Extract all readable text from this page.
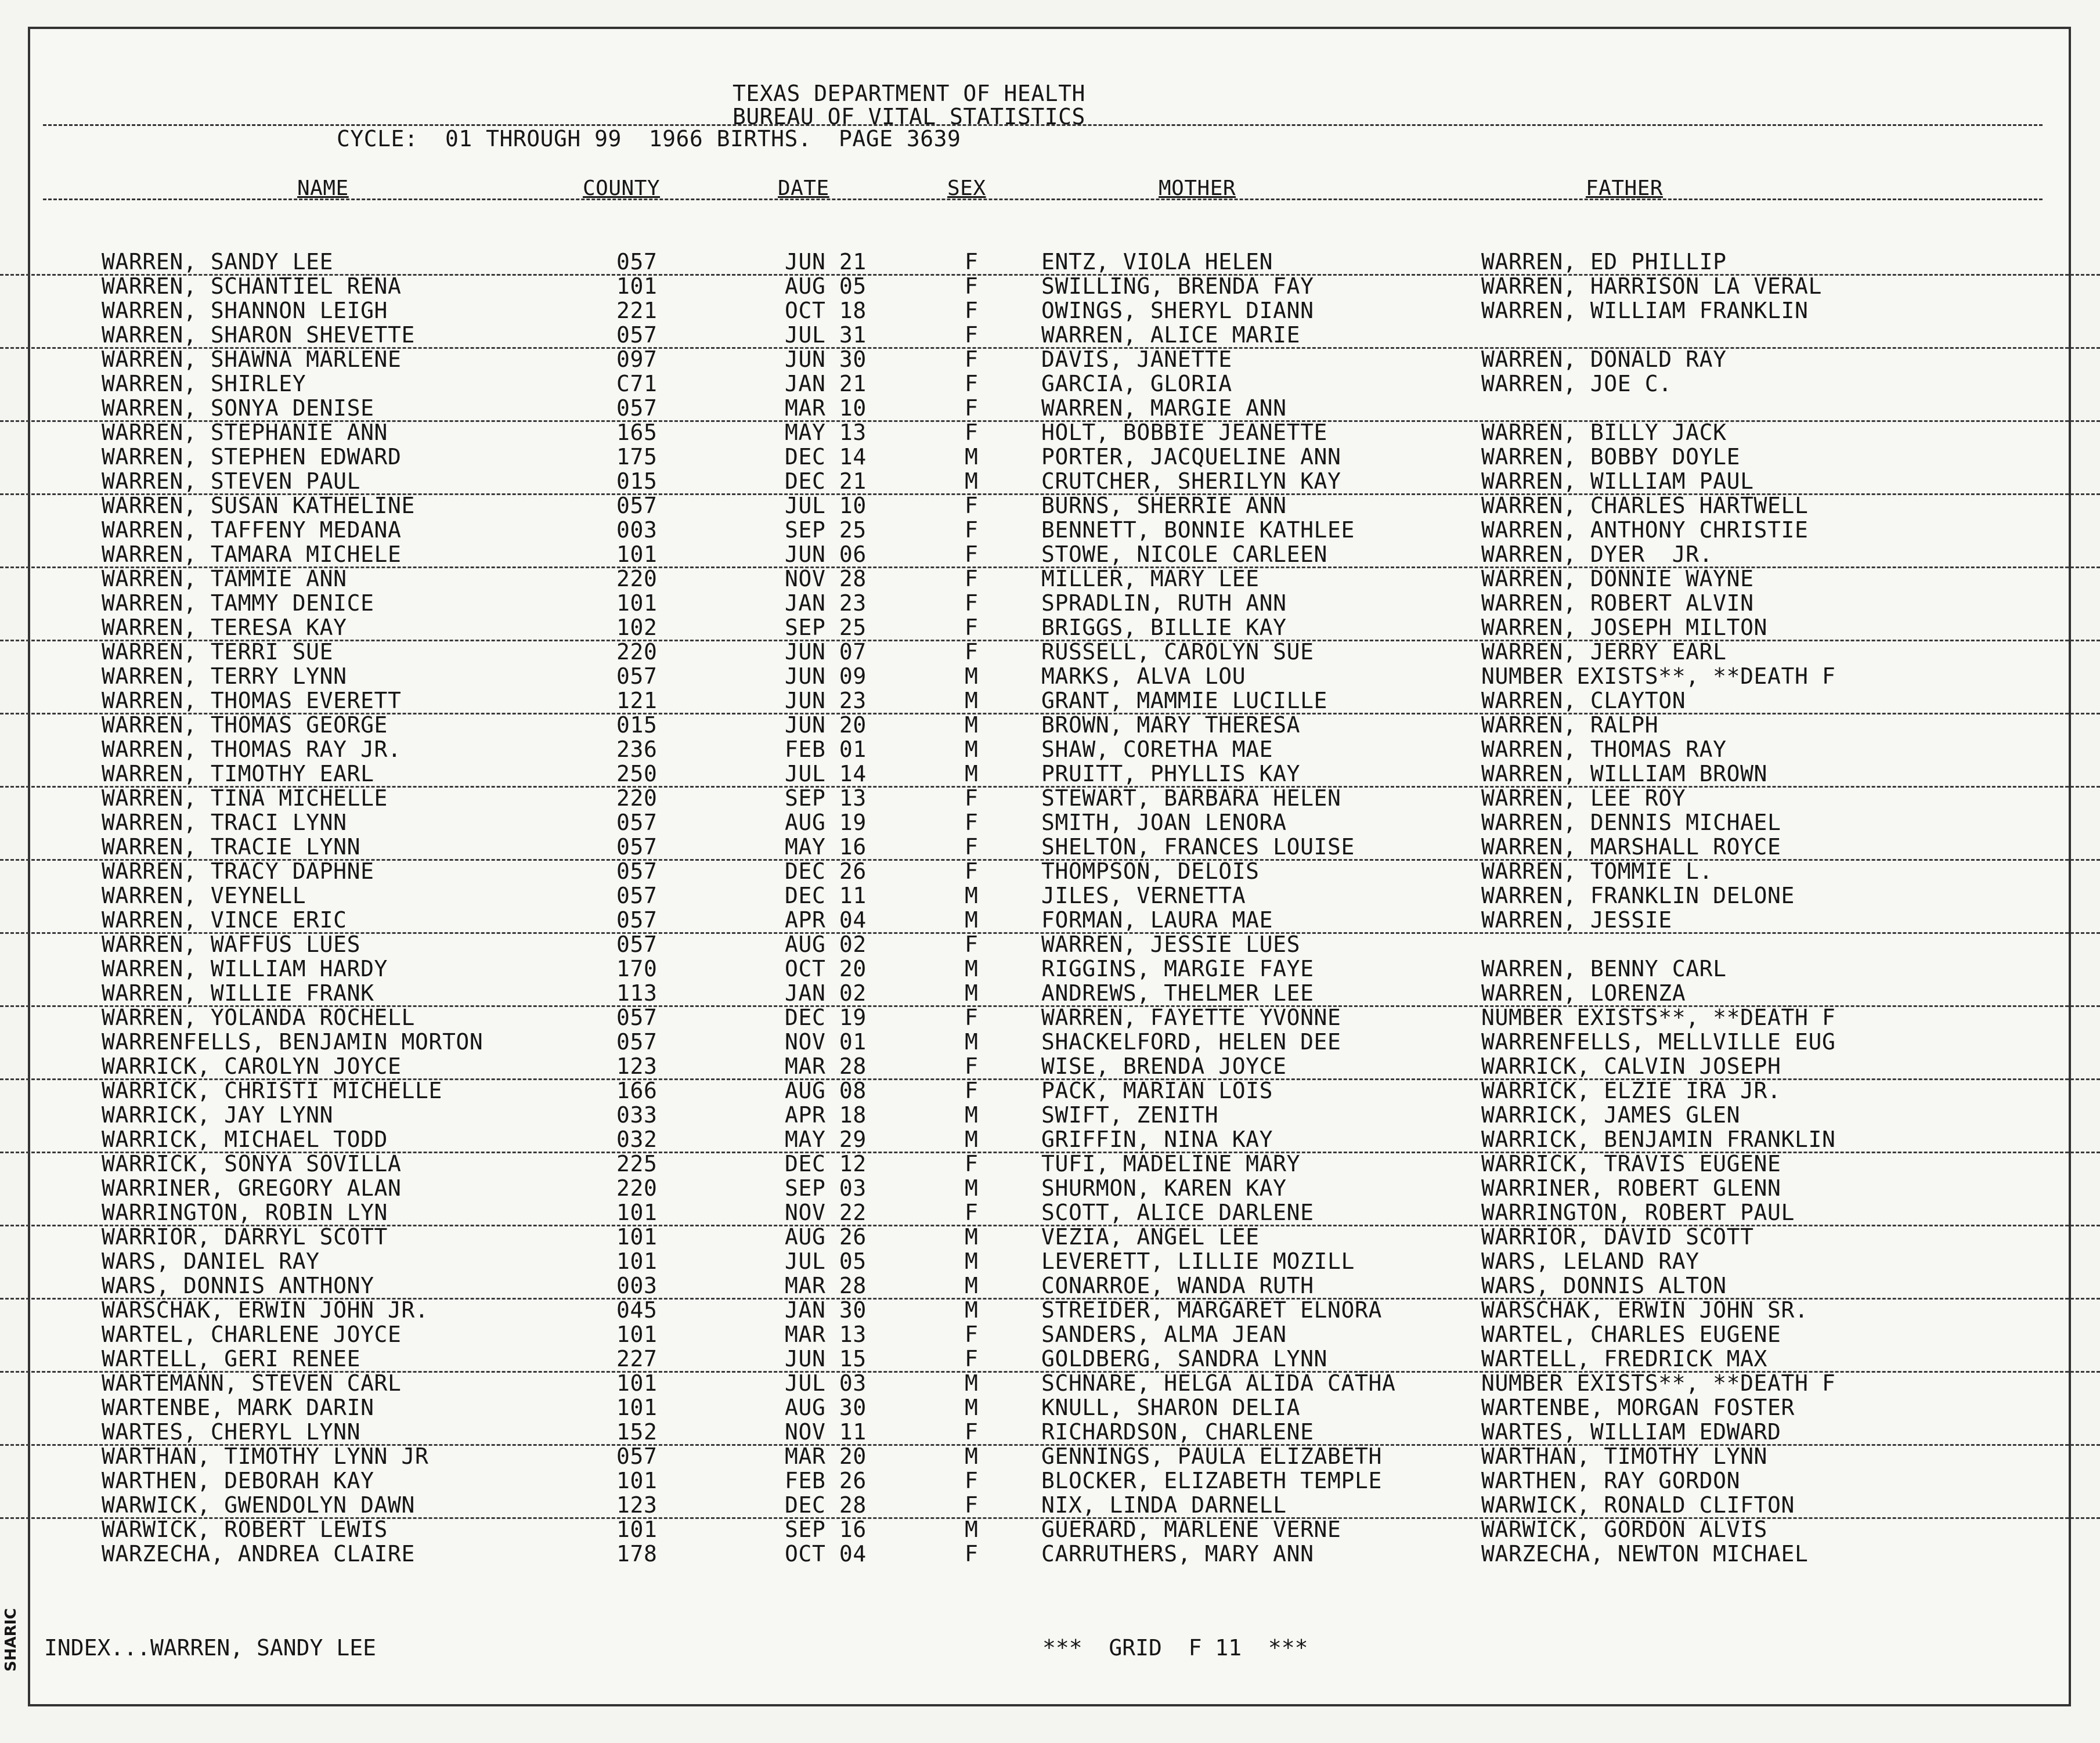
TEXAS DEPARTMENT OF HEALTH
BUREAU OF VITAL STATISTICS
CYCLE:  01 THROUGH 99  1966 BIRTHS.  PAGE 3639
NAME	COUNTY	DATE	SEX	MOTHER	FATHER
WARREN, SANDY LEE	057	JUN 21	F	ENTZ, VIOLA HELEN	WARREN, ED PHILLIP
WARREN, SCHANTIEL RENA	101	AUG 05	F	SWILLING, BRENDA FAY	WARREN, HARRISON LA VERAL
WARREN, SHANNON LEIGH	221	OCT 18	F	OWINGS, SHERYL DIANN	WARREN, WILLIAM FRANKLIN
WARREN, SHARON SHEVETTE	057	JUL 31	F	WARREN, ALICE MARIE
WARREN, SHAWNA MARLENE	097	JUN 30	F	DAVIS, JANETTE	WARREN, DONALD RAY
WARREN, SHIRLEY	C71	JAN 21	F	GARCIA, GLORIA	WARREN, JOE C.
WARREN, SONYA DENISE	057	MAR 10	F	WARREN, MARGIE ANN
WARREN, STEPHANIE ANN	165	MAY 13	F	HOLT, BOBBIE JEANETTE	WARREN, BILLY JACK
WARREN, STEPHEN EDWARD	175	DEC 14	M	PORTER, JACQUELINE ANN	WARREN, BOBBY DOYLE
WARREN, STEVEN PAUL	015	DEC 21	M	CRUTCHER, SHERILYN KAY	WARREN, WILLIAM PAUL
WARREN, SUSAN KATHELINE	057	JUL 10	F	BURNS, SHERRIE ANN	WARREN, CHARLES HARTWELL
WARREN, TAFFENY MEDANA	003	SEP 25	F	BENNETT, BONNIE KATHLEE	WARREN, ANTHONY CHRISTIE
WARREN, TAMARA MICHELE	101	JUN 06	F	STOWE, NICOLE CARLEEN	WARREN, DYER  JR.
WARREN, TAMMIE ANN	220	NOV 28	F	MILLER, MARY LEE	WARREN, DONNIE WAYNE
WARREN, TAMMY DENICE	101	JAN 23	F	SPRADLIN, RUTH ANN	WARREN, ROBERT ALVIN
WARREN, TERESA KAY	102	SEP 25	F	BRIGGS, BILLIE KAY	WARREN, JOSEPH MILTON
WARREN, TERRI SUE	220	JUN 07	F	RUSSELL, CAROLYN SUE	WARREN, JERRY EARL
WARREN, TERRY LYNN	057	JUN 09	M	MARKS, ALVA LOU	NUMBER EXISTS**, **DEATH F
WARREN, THOMAS EVERETT	121	JUN 23	M	GRANT, MAMMIE LUCILLE	WARREN, CLAYTON
WARREN, THOMAS GEORGE	015	JUN 20	M	BROWN, MARY THERESA	WARREN, RALPH
WARREN, THOMAS RAY JR.	236	FEB 01	M	SHAW, CORETHA MAE	WARREN, THOMAS RAY
WARREN, TIMOTHY EARL	250	JUL 14	M	PRUITT, PHYLLIS KAY	WARREN, WILLIAM BROWN
WARREN, TINA MICHELLE	220	SEP 13	F	STEWART, BARBARA HELEN	WARREN, LEE ROY
WARREN, TRACI LYNN	057	AUG 19	F	SMITH, JOAN LENORA	WARREN, DENNIS MICHAEL
WARREN, TRACIE LYNN	057	MAY 16	F	SHELTON, FRANCES LOUISE	WARREN, MARSHALL ROYCE
WARREN, TRACY DAPHNE	057	DEC 26	F	THOMPSON, DELOIS	WARREN, TOMMIE L.
WARREN, VEYNELL	057	DEC 11	M	JILES, VERNETTA	WARREN, FRANKLIN DELONE
WARREN, VINCE ERIC	057	APR 04	M	FORMAN, LAURA MAE	WARREN, JESSIE
WARREN, WAFFUS LUES	057	AUG 02	F	WARREN, JESSIE LUES
WARREN, WILLIAM HARDY	170	OCT 20	M	RIGGINS, MARGIE FAYE	WARREN, BENNY CARL
WARREN, WILLIE FRANK	113	JAN 02	M	ANDREWS, THELMER LEE	WARREN, LORENZA
WARREN, YOLANDA ROCHELL	057	DEC 19	F	WARREN, FAYETTE YVONNE	NUMBER EXISTS**, **DEATH F
WARRENFELLS, BENJAMIN MORTON	057	NOV 01	M	SHACKELFORD, HELEN DEE	WARRENFELLS, MELLVILLE EUG
WARRICK, CAROLYN JOYCE	123	MAR 28	F	WISE, BRENDA JOYCE	WARRICK, CALVIN JOSEPH
WARRICK, CHRISTI MICHELLE	166	AUG 08	F	PACK, MARIAN LOIS	WARRICK, ELZIE IRA JR.
WARRICK, JAY LYNN	033	APR 18	M	SWIFT, ZENITH	WARRICK, JAMES GLEN
WARRICK, MICHAEL TODD	032	MAY 29	M	GRIFFIN, NINA KAY	WARRICK, BENJAMIN FRANKLIN
WARRICK, SONYA SOVILLA	225	DEC 12	F	TUFI, MADELINE MARY	WARRICK, TRAVIS EUGENE
WARRINER, GREGORY ALAN	220	SEP 03	M	SHURMON, KAREN KAY	WARRINER, ROBERT GLENN
WARRINGTON, ROBIN LYN	101	NOV 22	F	SCOTT, ALICE DARLENE	WARRINGTON, ROBERT PAUL
WARRIOR, DARRYL SCOTT	101	AUG 26	M	VEZIA, ANGEL LEE	WARRIOR, DAVID SCOTT
WARS, DANIEL RAY	101	JUL 05	M	LEVERETT, LILLIE MOZILL	WARS, LELAND RAY
WARS, DONNIS ANTHONY	003	MAR 28	M	CONARROE, WANDA RUTH	WARS, DONNIS ALTON
WARSCHAK, ERWIN JOHN JR.	045	JAN 30	M	STREIDER, MARGARET ELNORA	WARSCHAK, ERWIN JOHN SR.
WARTEL, CHARLENE JOYCE	101	MAR 13	F	SANDERS, ALMA JEAN	WARTEL, CHARLES EUGENE
WARTELL, GERI RENEE	227	JUN 15	F	GOLDBERG, SANDRA LYNN	WARTELL, FREDRICK MAX
WARTEMANN, STEVEN CARL	101	JUL 03	M	SCHNARE, HELGA ALIDA CATHA	NUMBER EXISTS**, **DEATH F
WARTENBE, MARK DARIN	101	AUG 30	M	KNULL, SHARON DELIA	WARTENBE, MORGAN FOSTER
WARTES, CHERYL LYNN	152	NOV 11	F	RICHARDSON, CHARLENE	WARTES, WILLIAM EDWARD
WARTHAN, TIMOTHY LYNN JR	057	MAR 20	M	GENNINGS, PAULA ELIZABETH	WARTHAN, TIMOTHY LYNN
WARTHEN, DEBORAH KAY	101	FEB 26	F	BLOCKER, ELIZABETH TEMPLE	WARTHEN, RAY GORDON
WARWICK, GWENDOLYN DAWN	123	DEC 28	F	NIX, LINDA DARNELL	WARWICK, RONALD CLIFTON
WARWICK, ROBERT LEWIS	101	SEP 16	M	GUERARD, MARLENE VERNE	WARWICK, GORDON ALVIS
WARZECHA, ANDREA CLAIRE	178	OCT 04	F	CARRUTHERS, MARY ANN	WARZECHA, NEWTON MICHAEL
INDEX...WARREN, SANDY LEE	***  GRID  F 11  ***
SHARIC
